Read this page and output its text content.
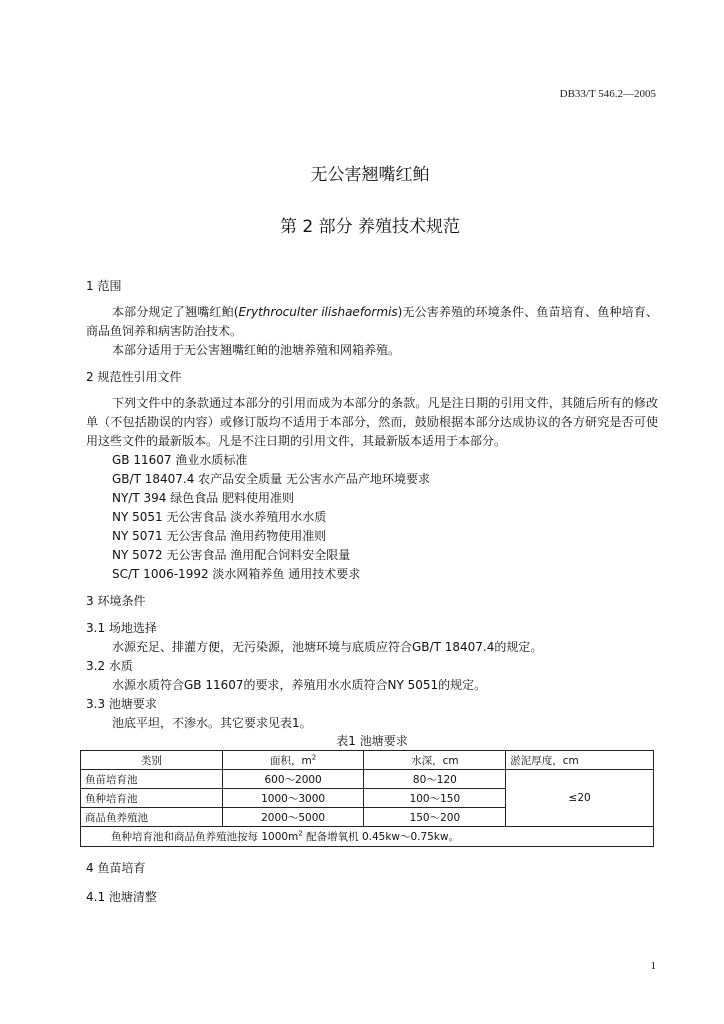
DB33/T 546.2—2005
无公害翘嘴红鲌
第 2 部分 养殖技术规范

1 范围

本部分规定了翘嘴红鲌(Erythroculter ilishaeformis)无公害养殖的环境条件、鱼苗培育、鱼种培育、商品鱼饲养和病害防治技术。

本部分适用于无公害翘嘴红鲌的池塘养殖和网箱养殖。

2 规范性引用文件

下列文件中的条款通过本部分的引用而成为本部分的条款。凡是注日期的引用文件，其随后所有的修改单（不包括勘误的内容）或修订版均不适用于本部分，然而，鼓励根据本部分达成协议的各方研究是否可使用这些文件的最新版本。凡是不注日期的引用文件，其最新版本适用于本部分。

GB 11607 渔业水质标准

GB/T 18407.4 农产品安全质量 无公害水产品产地环境要求

NY/T 394 绿色食品 肥料使用准则

NY 5051 无公害食品 淡水养殖用水水质

NY 5071 无公害食品 渔用药物使用准则

NY 5072 无公害食品 渔用配合饲料安全限量

SC/T 1006-1992 淡水网箱养鱼 通用技术要求

3 环境条件

3.1 场地选择

水源充足、排灌方便，无污染源，池塘环境与底质应符合GB/T 18407.4的规定。

3.2 水质

水源水质符合GB 11607的要求，养殖用水水质符合NY 5051的规定。

3.3 池塘要求

池底平坦，不渗水。其它要求见表1。

表1 池塘要求

类别	面积，$m^2$	水深，cm	淤泥厚度，cm
鱼苗培育池	600～2000	80～120	≤20
鱼种培育池	1000～3000	100～150	
商品鱼养殖池	2000～5000	150～200	
鱼种培育池和商品鱼养殖池按每 $1000m^2$ 配备增氧机 0.45kw～0.75kw。			

4 鱼苗培育

4.1 池塘清整

1
